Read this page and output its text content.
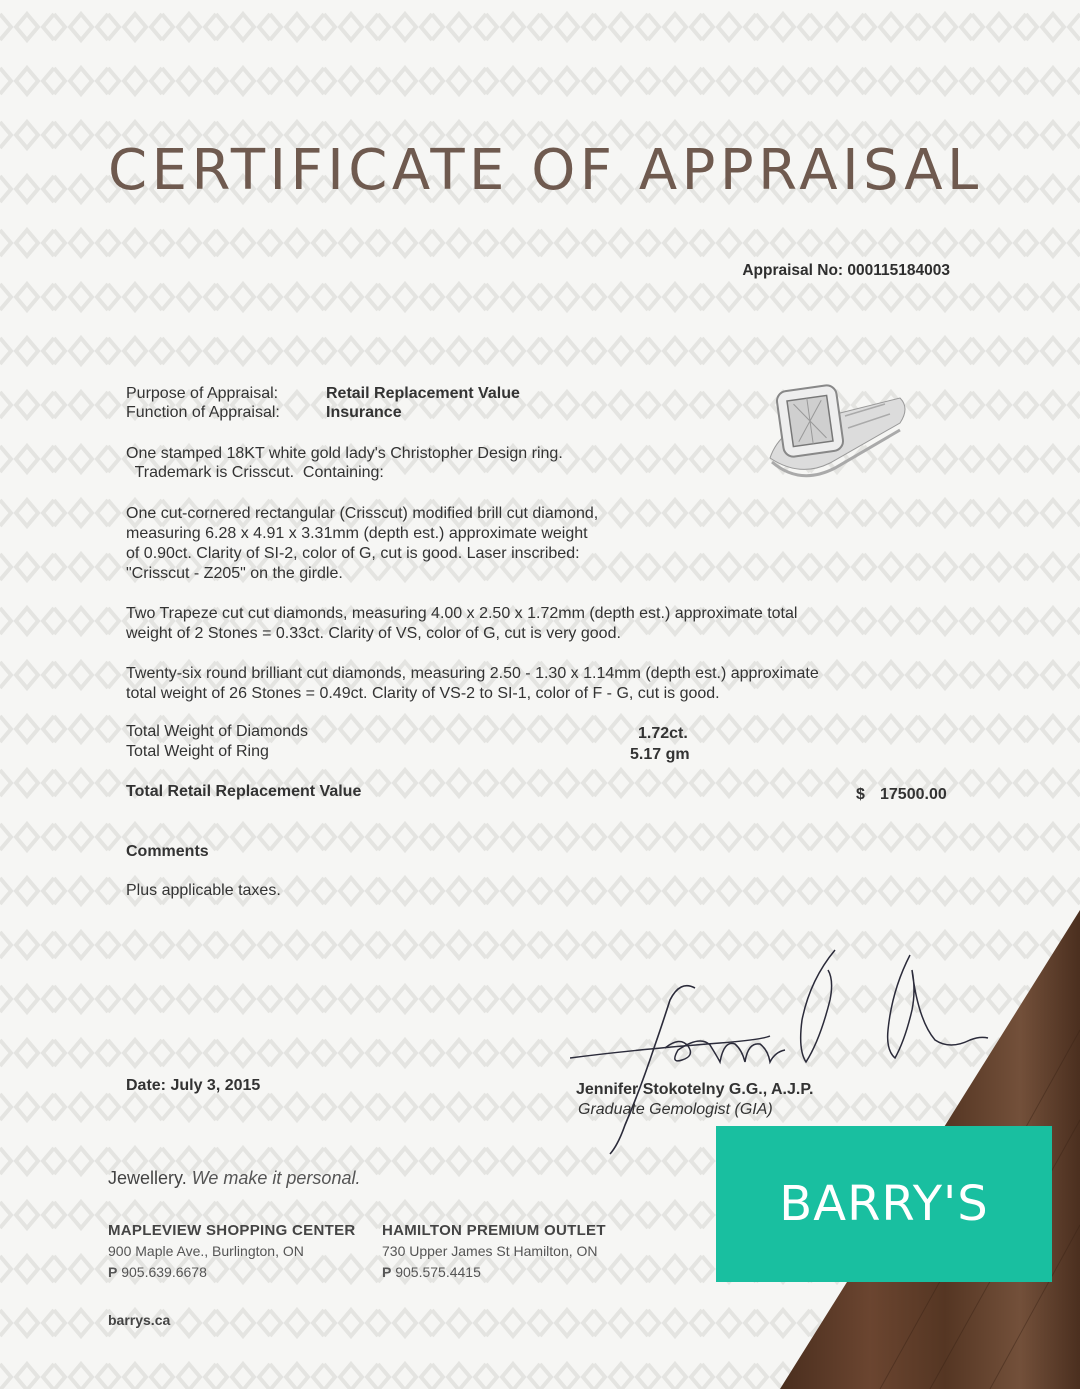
CERTIFICATE OF APPRAISAL
Appraisal No: 000115184003
Purpose of Appraisal:	Retail Replacement Value
Function of Appraisal:	Insurance
One stamped 18KT white gold lady's Christopher Design ring.
Trademark is Crisscut.  Containing:
One cut-cornered rectangular (Crisscut) modified brill cut diamond,
measuring 6.28 x 4.91 x 3.31mm (depth est.) approximate weight
of 0.90ct. Clarity of SI-2, color of G, cut is good. Laser inscribed:
"Crisscut - Z205" on the girdle.
Two Trapeze cut cut diamonds, measuring 4.00 x 2.50 x 1.72mm (depth est.) approximate total
weight of 2 Stones = 0.33ct. Clarity of VS, color of G, cut is very good.
Twenty-six round brilliant cut diamonds, measuring 2.50 - 1.30 x 1.14mm (depth est.) approximate
total weight of 26 Stones = 0.49ct. Clarity of VS-2 to SI-1, color of F - G, cut is good.
Total Weight of Diamonds	1.72ct.
Total Weight of Ring	5.17 gm
Total Retail Replacement Value	$ 17500.00
Comments
Plus applicable taxes.
Date: July 3, 2015	Jennifer Stokotelny G.G., A.J.P.
Graduate Gemologist (GIA)
Jewellery. We make it personal.
MAPLEVIEW SHOPPING CENTER
900 Maple Ave., Burlington, ON
P 905.639.6678
HAMILTON PREMIUM OUTLET
730 Upper James St Hamilton, ON
P 905.575.4415
barrys.ca
BARRY'S
